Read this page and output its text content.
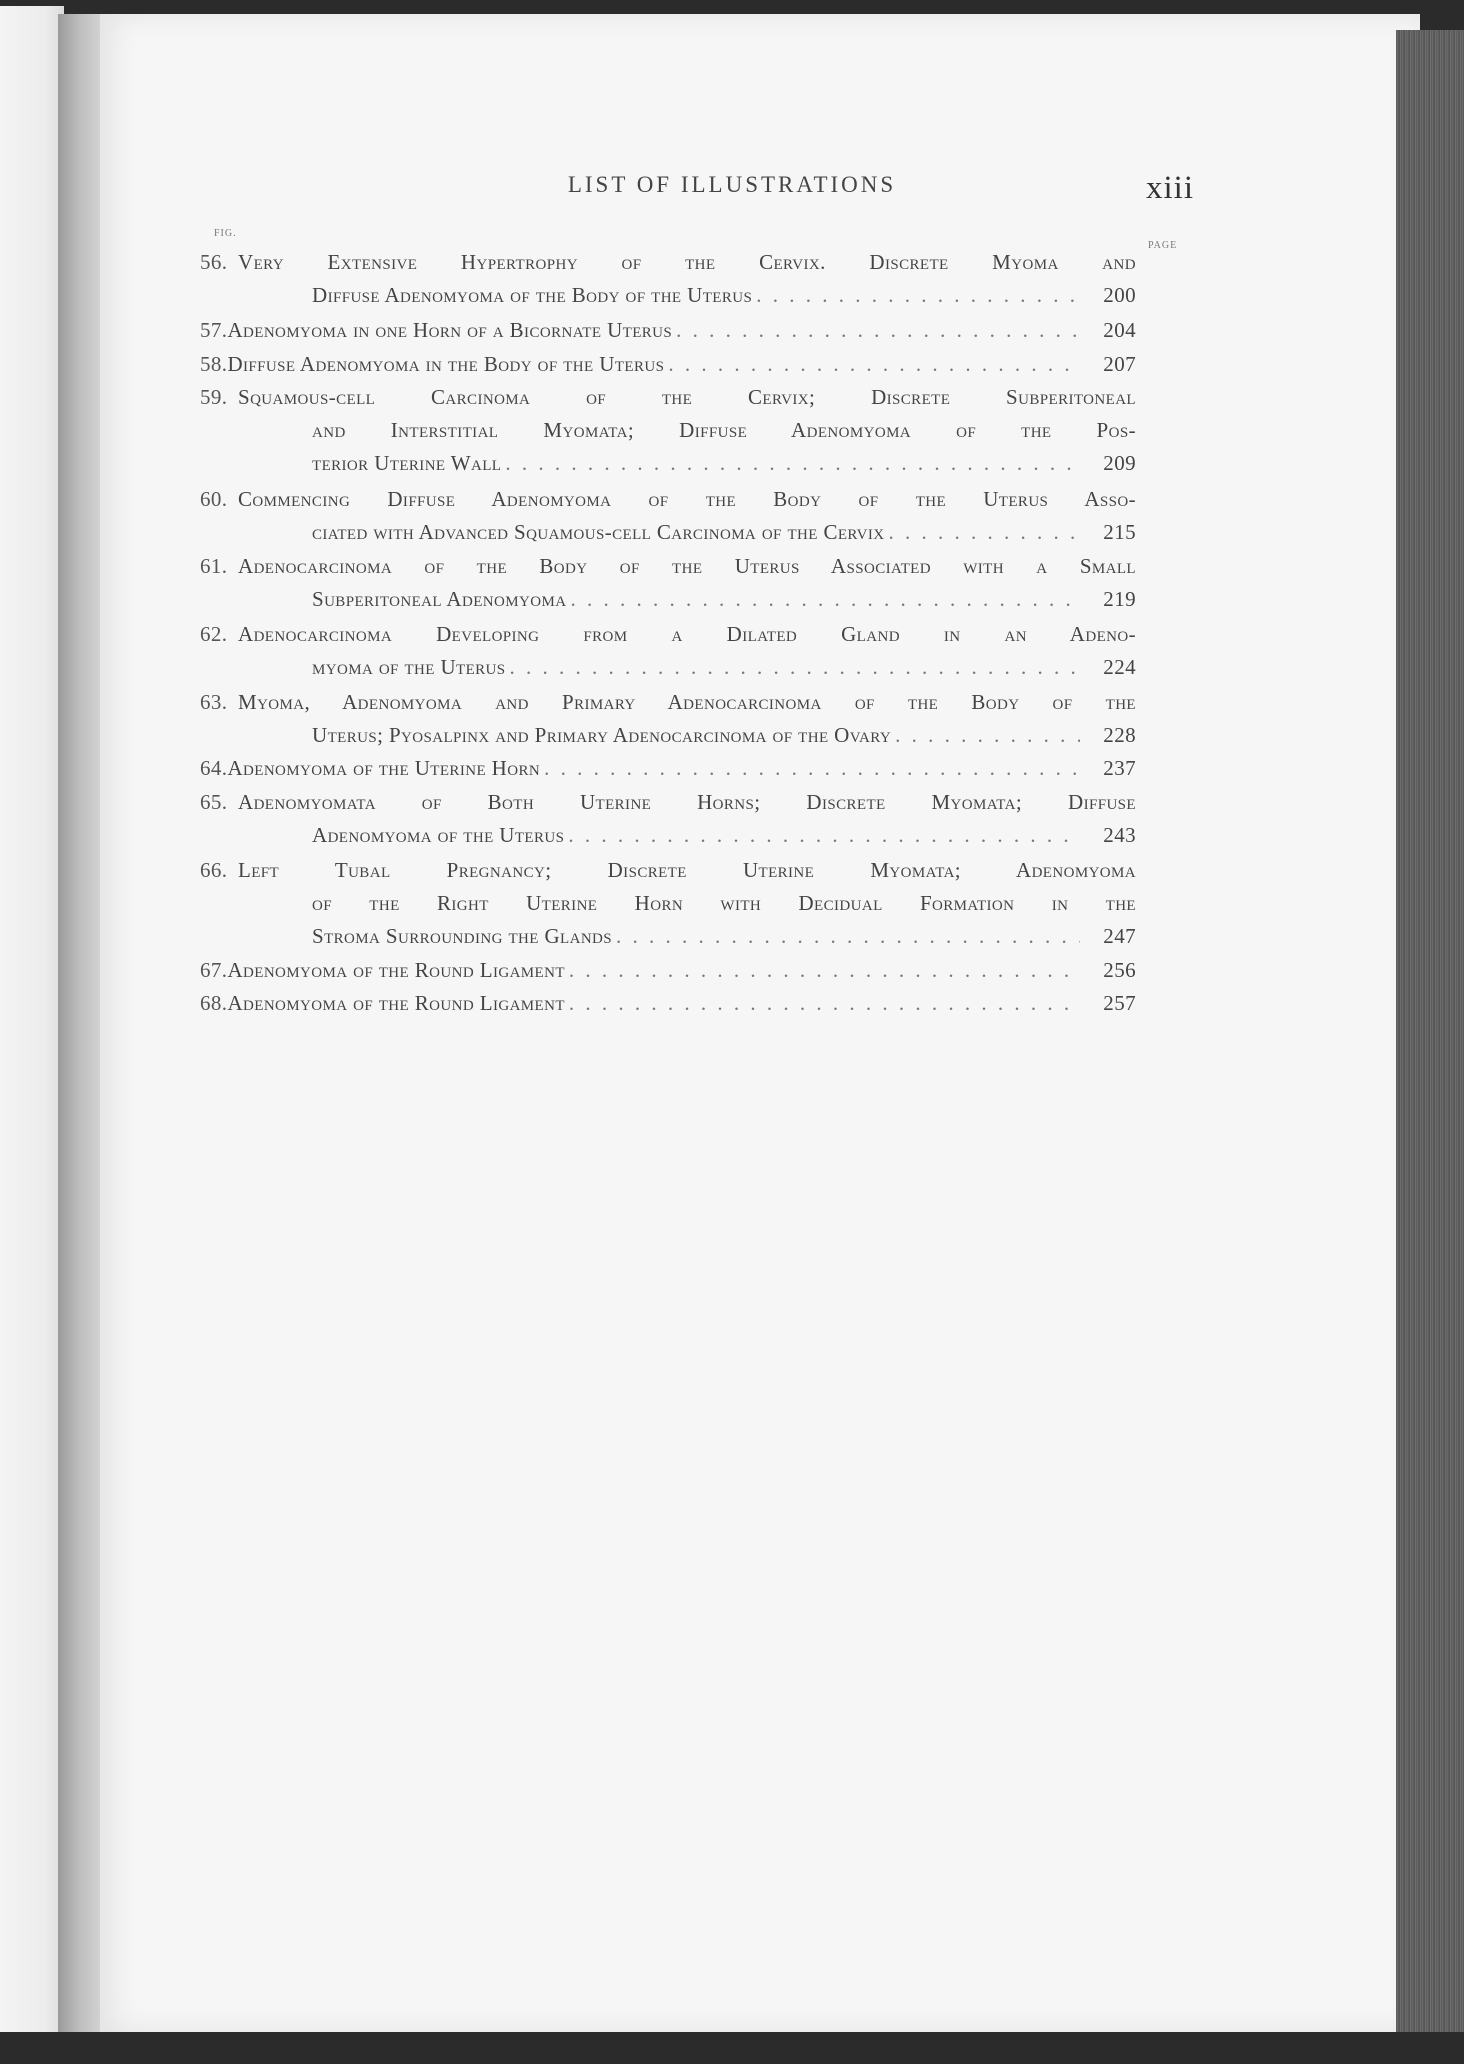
LIST OF ILLUSTRATIONS	xiii
FIG.
PAGE
56. Very Extensive Hypertrophy of the Cervix. Discrete Myoma and
Diffuse Adenomyoma of the Body of the Uterus . . .	200
57. Adenomyoma in one Horn of a Bicornate Uterus . . .	204
58. Diffuse Adenomyoma in the Body of the Uterus . . .	207
59. Squamous-cell Carcinoma of the Cervix; Discrete Subperitoneal
and Interstitial Myomata; Diffuse Adenomyoma of the Pos-
terior Uterine Wall . . .	209
60. Commencing Diffuse Adenomyoma of the Body of the Uterus Asso-
ciated with Advanced Squamous-cell Carcinoma of the Cervix . . .	215
61. Adenocarcinoma of the Body of the Uterus Associated with a Small
Subperitoneal Adenomyoma . . .	219
62. Adenocarcinoma Developing from a Dilated Gland in an Adeno-
myoma of the Uterus . . .	224
63. Myoma, Adenomyoma and Primary Adenocarcinoma of the Body of the
Uterus; Pyosalpinx and Primary Adenocarcinoma of the Ovary . . .	228
64. Adenomyoma of the Uterine Horn . . .	237
65. Adenomyomata of Both Uterine Horns; Discrete Myomata; Diffuse
Adenomyoma of the Uterus . . .	243
66. Left Tubal Pregnancy; Discrete Uterine Myomata; Adenomyoma
of the Right Uterine Horn with Decidual Formation in the
Stroma Surrounding the Glands . . .	247
67. Adenomyoma of the Round Ligament . . .	256
68. Adenomyoma of the Round Ligament . . .	257
